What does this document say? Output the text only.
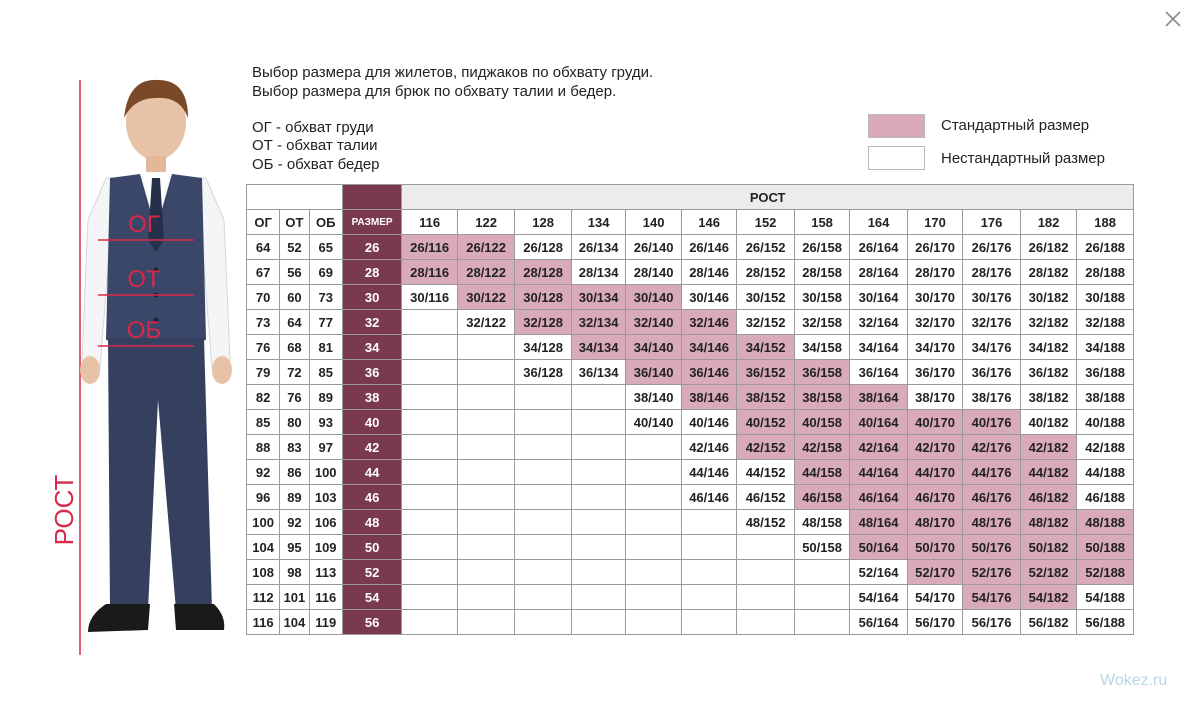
ОГ
ОТ
ОБ
РОСТ
Выбор размера для жилетов, пиджаков по обхвату груди.
Выбор размера для брюк по обхвату талии и бедер.
ОГ - обхват груди
ОТ - обхват талии
ОБ - обхват бедер
Стандартный размер
Нестандартный размер
				РОСТ												
ОГ	ОТ	ОБ	РАЗМЕР	116	122	128	134	140	146	152	158	164	170	176	182	188
64	52	65	26	26/116	26/122	26/128	26/134	26/140	26/146	26/152	26/158	26/164	26/170	26/176	26/182	26/188
67	56	69	28	28/116	28/122	28/128	28/134	28/140	28/146	28/152	28/158	28/164	28/170	28/176	28/182	28/188
70	60	73	30	30/116	30/122	30/128	30/134	30/140	30/146	30/152	30/158	30/164	30/170	30/176	30/182	30/188
73	64	77	32		32/122	32/128	32/134	32/140	32/146	32/152	32/158	32/164	32/170	32/176	32/182	32/188
76	68	81	34			34/128	34/134	34/140	34/146	34/152	34/158	34/164	34/170	34/176	34/182	34/188
79	72	85	36			36/128	36/134	36/140	36/146	36/152	36/158	36/164	36/170	36/176	36/182	36/188
82	76	89	38					38/140	38/146	38/152	38/158	38/164	38/170	38/176	38/182	38/188
85	80	93	40					40/140	40/146	40/152	40/158	40/164	40/170	40/176	40/182	40/188
88	83	97	42						42/146	42/152	42/158	42/164	42/170	42/176	42/182	42/188
92	86	100	44						44/146	44/152	44/158	44/164	44/170	44/176	44/182	44/188
96	89	103	46						46/146	46/152	46/158	46/164	46/170	46/176	46/182	46/188
100	92	106	48							48/152	48/158	48/164	48/170	48/176	48/182	48/188
104	95	109	50								50/158	50/164	50/170	50/176	50/182	50/188
108	98	113	52									52/164	52/170	52/176	52/182	52/188
112	101	116	54									54/164	54/170	54/176	54/182	54/188
116	104	119	56									56/164	56/170	56/176	56/182	56/188
Wokez.ru
